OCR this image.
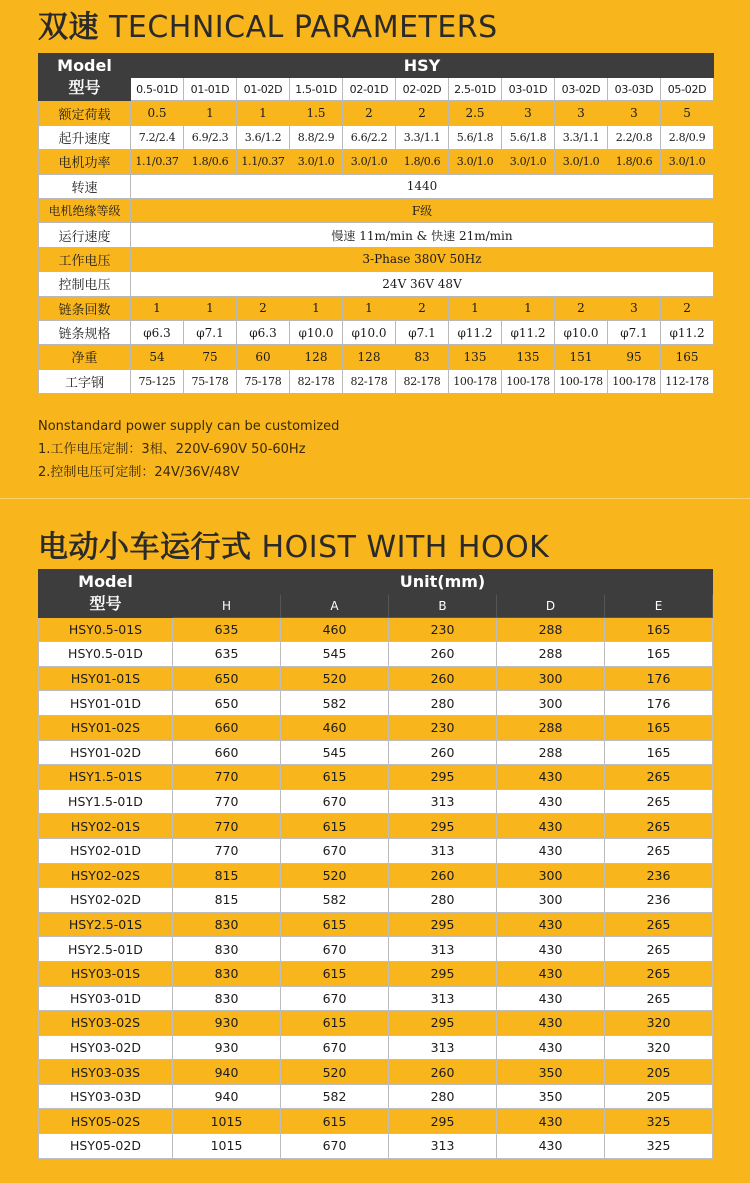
双速 TECHNICAL PARAMETERS
Model
型号	HSY										
	0.5-01D	01-01D	01-02D	1.5-01D	02-01D	02-02D	2.5-01D	03-01D	03-02D	03-03D	05-02D
额定荷载	0.5	1	1	1.5	2	2	2.5	3	3	3	5
起升速度	7.2/2.4	6.9/2.3	3.6/1.2	8.8/2.9	6.6/2.2	3.3/1.1	5.6/1.8	5.6/1.8	3.3/1.1	2.2/0.8	2.8/0.9
电机功率	1.1/0.37	1.8/0.6	1.1/0.37	3.0/1.0	3.0/1.0	1.8/0.6	3.0/1.0	3.0/1.0	3.0/1.0	1.8/0.6	3.0/1.0
转速	1440										
电机绝缘等级	F级										
运行速度	慢速 11m/min & 快速 21m/min										
工作电压	3-Phase 380V 50Hz										
控制电压	24V 36V 48V										
链条回数	1	1	2	1	1	2	1	1	2	3	2
链条规格	φ6.3	φ7.1	φ6.3	φ10.0	φ10.0	φ7.1	φ11.2	φ11.2	φ10.0	φ7.1	φ11.2
净重	54	75	60	128	128	83	135	135	151	95	165
工字钢	75-125	75-178	75-178	82-178	82-178	82-178	100-178	100-178	100-178	100-178	112-178
Nonstandard power supply can be customized
1.工作电压定制：3相、220V-690V 50-60Hz
2.控制电压可定制：24V/36V/48V
电动小车运行式 HOIST WITH HOOK
Model
型号	Unit(mm)				
	H	A	B	D	E
HSY0.5-01S	635	460	230	288	165
HSY0.5-01D	635	545	260	288	165
HSY01-01S	650	520	260	300	176
HSY01-01D	650	582	280	300	176
HSY01-02S	660	460	230	288	165
HSY01-02D	660	545	260	288	165
HSY1.5-01S	770	615	295	430	265
HSY1.5-01D	770	670	313	430	265
HSY02-01S	770	615	295	430	265
HSY02-01D	770	670	313	430	265
HSY02-02S	815	520	260	300	236
HSY02-02D	815	582	280	300	236
HSY2.5-01S	830	615	295	430	265
HSY2.5-01D	830	670	313	430	265
HSY03-01S	830	615	295	430	265
HSY03-01D	830	670	313	430	265
HSY03-02S	930	615	295	430	320
HSY03-02D	930	670	313	430	320
HSY03-03S	940	520	260	350	205
HSY03-03D	940	582	280	350	205
HSY05-02S	1015	615	295	430	325
HSY05-02D	1015	670	313	430	325
